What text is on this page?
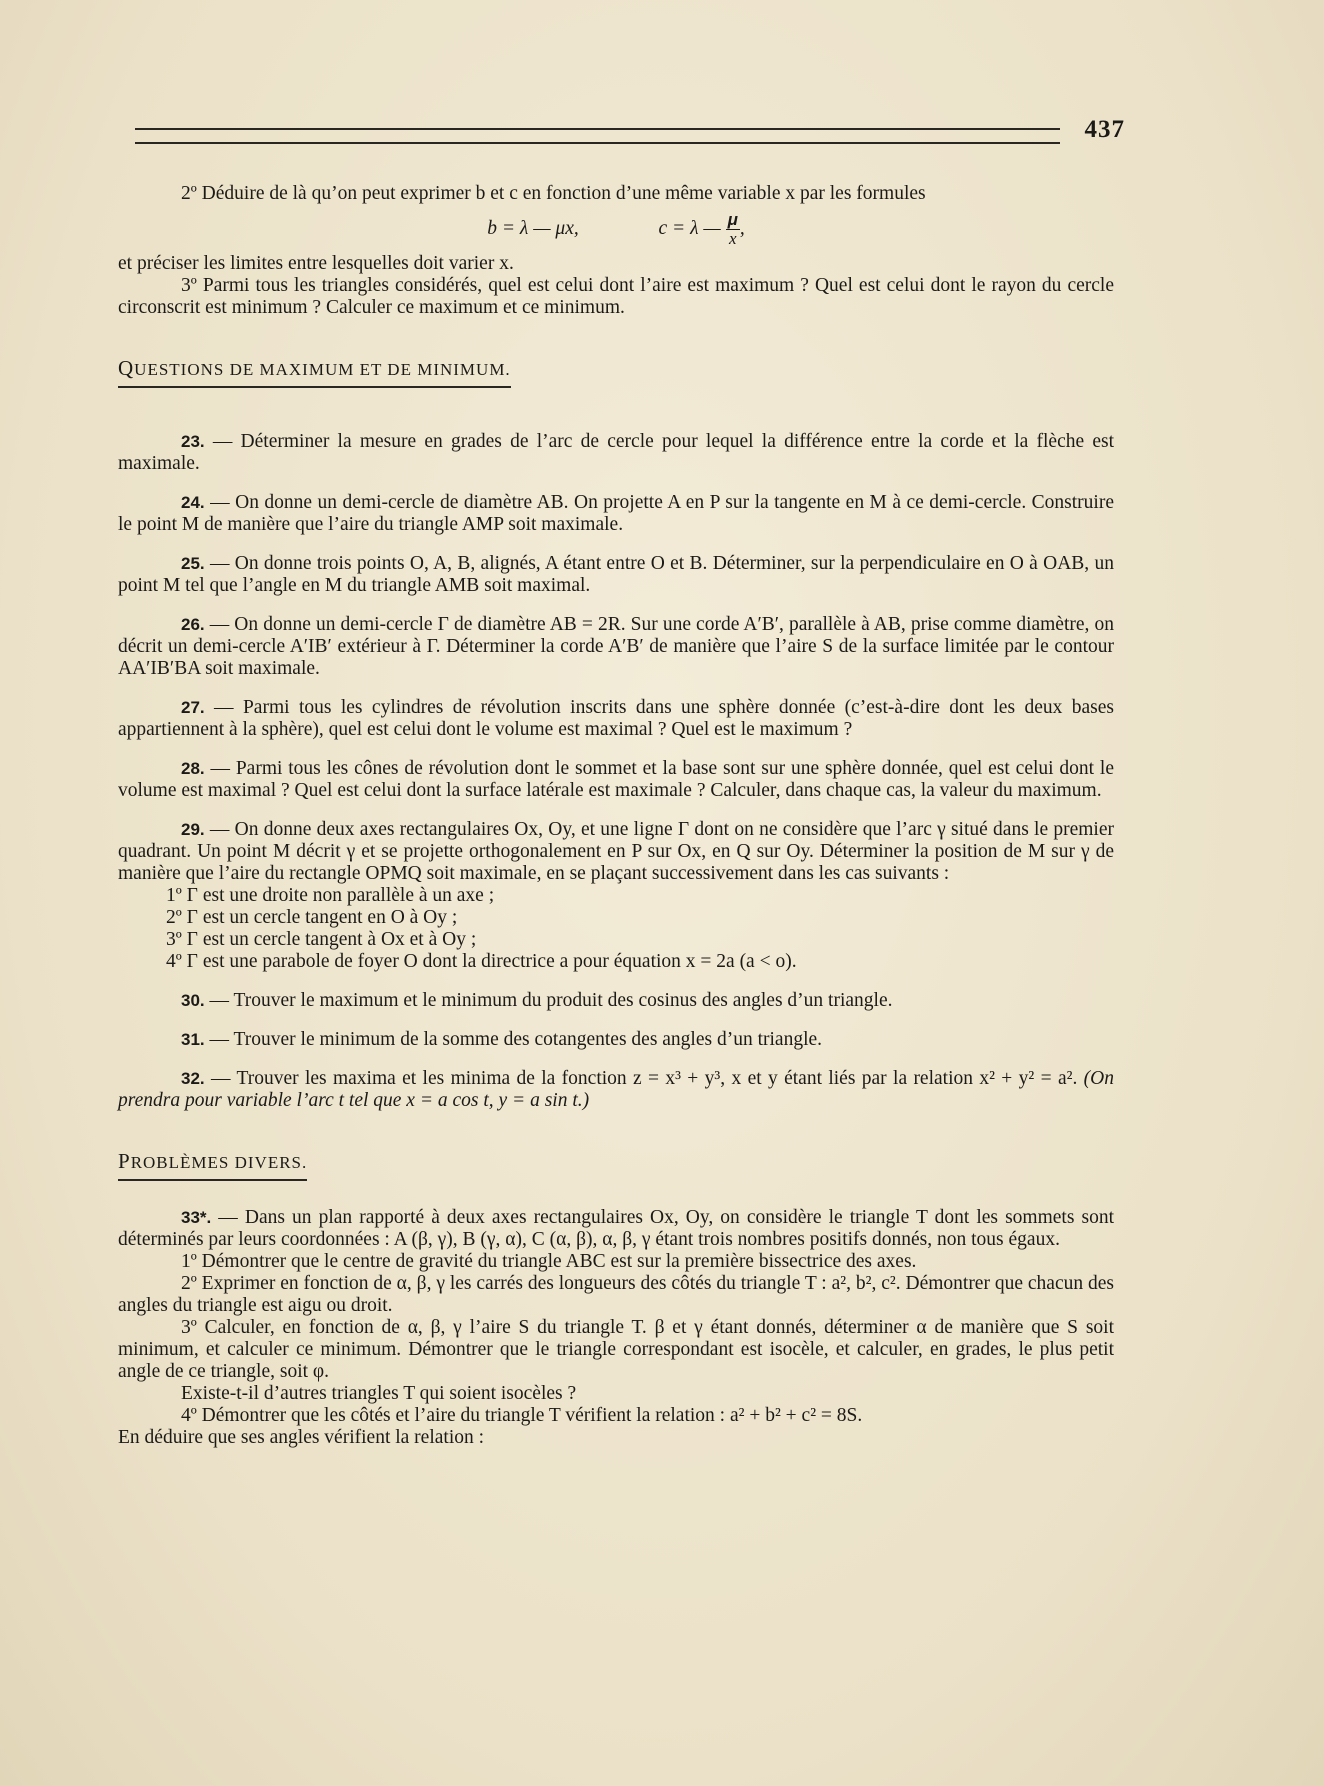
437

2º Déduire de là qu’on peut exprimer b et c en fonction d’une même variable x par les formules

b = λ — μx,	c = λ — $\frac{\mu}{x}$ ,

et préciser les limites entre lesquelles doit varier x.

3º Parmi tous les triangles considérés, quel est celui dont l’aire est maximum ? Quel est celui dont le rayon du cercle circonscrit est minimum ? Calculer ce maximum et ce minimum.

QUESTIONS DE MAXIMUM ET DE MINIMUM.

23. — Déterminer la mesure en grades de l’arc de cercle pour lequel la différence entre la corde et la flèche est maximale.

24. — On donne un demi-cercle de diamètre AB. On projette A en P sur la tangente en M à ce demi-cercle. Construire le point M de manière que l’aire du triangle AMP soit maximale.

25. — On donne trois points O, A, B, alignés, A étant entre O et B. Déterminer, sur la perpendiculaire en O à OAB, un point M tel que l’angle en M du triangle AMB soit maximal.

26. — On donne un demi-cercle Γ de diamètre AB = 2R. Sur une corde A′B′, parallèle à AB, prise comme diamètre, on décrit un demi-cercle A′IB′ extérieur à Γ. Déterminer la corde A′B′ de manière que l’aire S de la surface limitée par le contour AA′IB′BA soit maximale.

27. — Parmi tous les cylindres de révolution inscrits dans une sphère donnée (c’est-à-dire dont les deux bases appartiennent à la sphère), quel est celui dont le volume est maximal ? Quel est le maximum ?

28. — Parmi tous les cônes de révolution dont le sommet et la base sont sur une sphère donnée, quel est celui dont le volume est maximal ? Quel est celui dont la surface latérale est maximale ? Calculer, dans chaque cas, la valeur du maximum.

29. — On donne deux axes rectangulaires Ox, Oy, et une ligne Γ dont on ne considère que l’arc γ situé dans le premier quadrant. Un point M décrit γ et se projette orthogonalement en P sur Ox, en Q sur Oy. Déterminer la position de M sur γ de manière que l’aire du rectangle OPMQ soit maximale, en se plaçant successivement dans les cas suivants :

1º Γ est une droite non parallèle à un axe ;

2º Γ est un cercle tangent en O à Oy ;

3º Γ est un cercle tangent à Ox et à Oy ;

4º Γ est une parabole de foyer O dont la directrice a pour équation x = 2a (a < o).

30. — Trouver le maximum et le minimum du produit des cosinus des angles d’un triangle.

31. — Trouver le minimum de la somme des cotangentes des angles d’un triangle.

32. — Trouver les maxima et les minima de la fonction z = x³ + y³, x et y étant liés par la relation x² + y² = a². (On prendra pour variable l’arc t tel que x = a cos t, y = a sin t.)

PROBLÈMES DIVERS.

33*. — Dans un plan rapporté à deux axes rectangulaires Ox, Oy, on considère le triangle T dont les sommets sont déterminés par leurs coordonnées : A (β, γ), B (γ, α), C (α, β), α, β, γ étant trois nombres positifs donnés, non tous égaux.

1º Démontrer que le centre de gravité du triangle ABC est sur la première bissectrice des axes.

2º Exprimer en fonction de α, β, γ les carrés des longueurs des côtés du triangle T : a², b², c². Démontrer que chacun des angles du triangle est aigu ou droit.

3º Calculer, en fonction de α, β, γ l’aire S du triangle T. β et γ étant donnés, déterminer α de manière que S soit minimum, et calculer ce minimum. Démontrer que le triangle correspondant est isocèle, et calculer, en grades, le plus petit angle de ce triangle, soit φ.

Existe-t-il d’autres triangles T qui soient isocèles ?

4º Démontrer que les côtés et l’aire du triangle T vérifient la relation : a² + b² + c² = 8S.

En déduire que ses angles vérifient la relation :
